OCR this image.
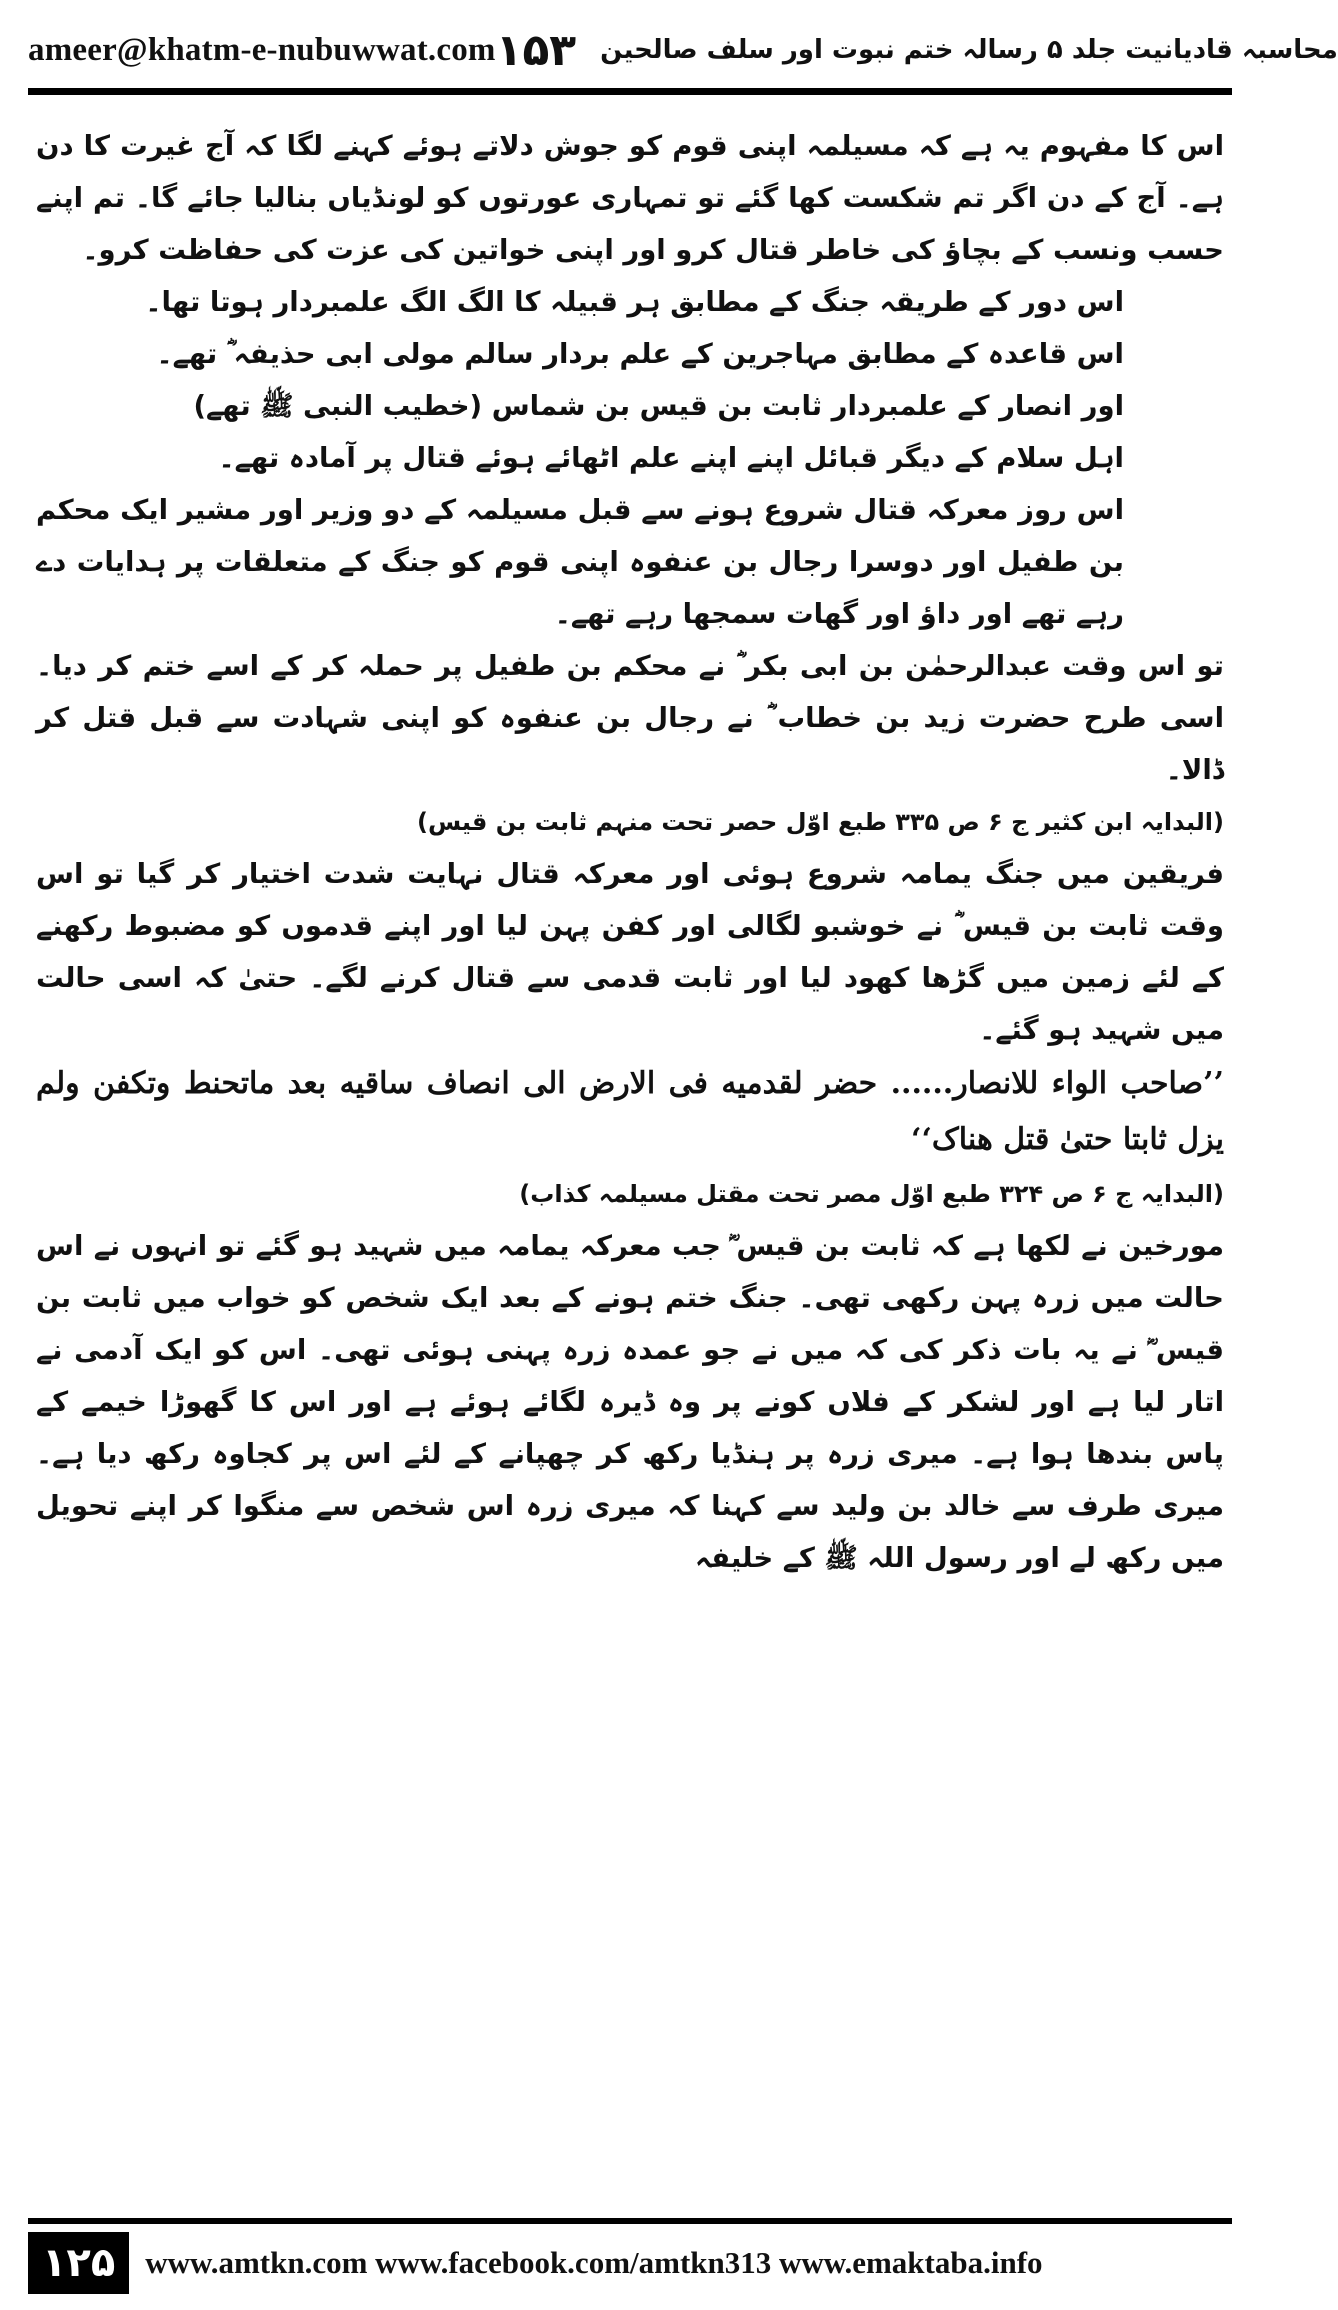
ameer@khatm-e-nubuwwat.com	محاسبہ قادیانیت جلد ۵ رسالہ ختم نبوت اور سلف صالحین
۱۵۳

اس کا مفہوم یہ ہے کہ مسیلمہ اپنی قوم کو جوش دلاتے ہوئے کہنے لگا کہ آج غیرت کا دن ہے۔ آج کے دن اگر تم شکست کھا گئے تو تمہاری عورتوں کو لونڈیاں بنالیا جائے گا۔ تم اپنے حسب ونسب کے بچاؤ کی خاطر قتال کرو اور اپنی خواتین کی عزت کی حفاظت کرو۔

اس دور کے طریقہ جنگ کے مطابق ہر قبیلہ کا الگ الگ علمبردار ہوتا تھا۔

اس قاعدہ کے مطابق مہاجرین کے علم بردار سالم مولی ابی حذیفہ ؓ تھے۔

اور انصار کے علمبردار ثابت بن قیس بن شماس (خطیب النبی ﷺ تھے)

اہل سلام کے دیگر قبائل اپنے اپنے علم اٹھائے ہوئے قتال پر آمادہ تھے۔

اس روز معرکہ قتال شروع ہونے سے قبل مسیلمہ کے دو وزیر اور مشیر ایک محکم بن طفیل اور دوسرا رجال بن عنفوہ اپنی قوم کو جنگ کے متعلقات پر ہدایات دے رہے تھے اور داؤ اور گھات سمجھا رہے تھے۔

تو اس وقت عبدالرحمٰن بن ابی بکر ؓ نے محکم بن طفیل پر حملہ کر کے اسے ختم کر دیا۔ اسی طرح حضرت زید بن خطاب ؓ نے رجال بن عنفوہ کو اپنی شہادت سے قبل قتل کر ڈالا۔

(البدایہ ابن کثیر ج ۶ ص ۳۳۵ طبع اوّل حصر تحت منہم ثابت بن قیس)

فریقین میں جنگ یمامہ شروع ہوئی اور معرکہ قتال نہایت شدت اختیار کر گیا تو اس وقت ثابت بن قیس ؓ نے خوشبو لگالی اور کفن پہن لیا اور اپنے قدموں کو مضبوط رکھنے کے لئے زمین میں گڑھا کھود لیا اور ثابت قدمی سے قتال کرنے لگے۔ حتیٰ کہ اسی حالت میں شہید ہو گئے۔

’’صاحب الواء للانصار...... حضر لقدمیه فی الارض الی انصاف ساقیه بعد ماتحنط وتکفن ولم یزل ثابتا حتیٰ قتل هناک‘‘

(البدایہ ج ۶ ص ۳۲۴ طبع اوّل مصر تحت مقتل مسیلمہ کذاب)

مورخین نے لکھا ہے کہ ثابت بن قیس ؓ جب معرکہ یمامہ میں شہید ہو گئے تو انہوں نے اس حالت میں زرہ پہن رکھی تھی۔ جنگ ختم ہونے کے بعد ایک شخص کو خواب میں ثابت بن قیس ؓ نے یہ بات ذکر کی کہ میں نے جو عمدہ زرہ پہنی ہوئی تھی۔ اس کو ایک آدمی نے اتار لیا ہے اور لشکر کے فلاں کونے پر وہ ڈیرہ لگائے ہوئے ہے اور اس کا گھوڑا خیمے کے پاس بندھا ہوا ہے۔ میری زرہ پر ہنڈیا رکھ کر چھپانے کے لئے اس پر کجاوہ رکھ دیا ہے۔ میری طرف سے خالد بن ولید سے کہنا کہ میری زرہ اس شخص سے منگوا کر اپنے تحویل میں رکھ لے اور رسول اللہ ﷺ کے خلیفہ

۱۲۵ www.amtkn.com www.facebook.com/amtkn313 www.emaktaba.info
